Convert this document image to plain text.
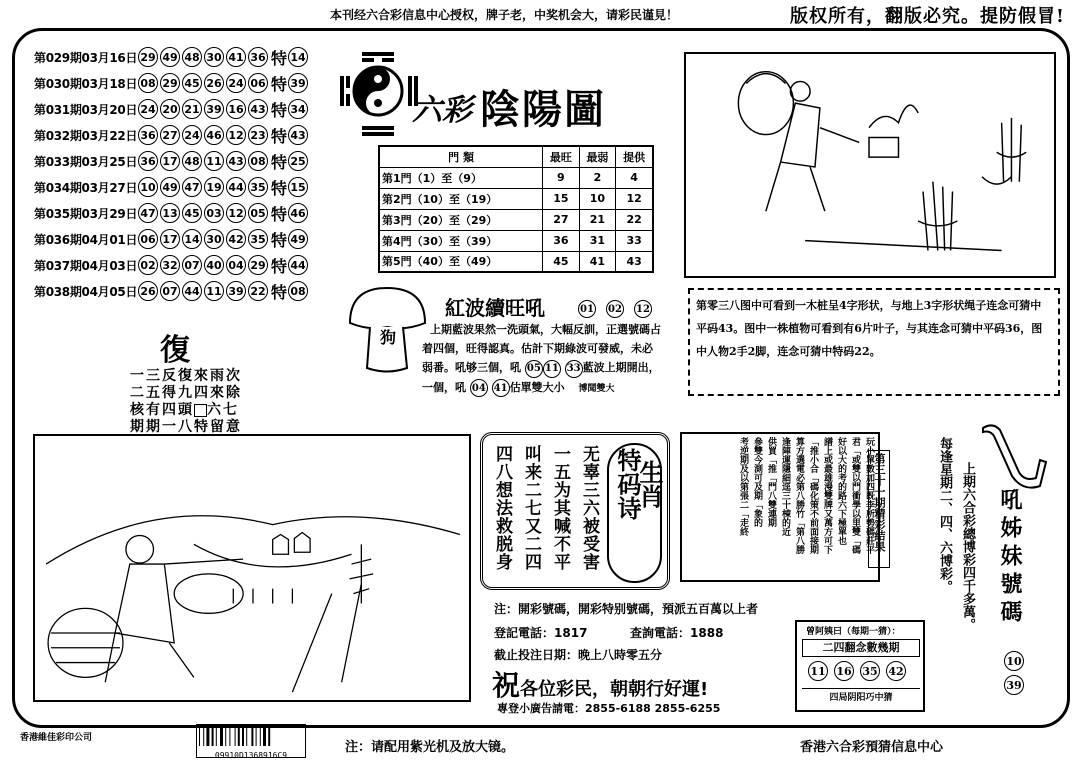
本刊经六合彩信息中心授权，牌子老，中奖机会大，请彩民谨見！	版权所有，翻版必究。提防假冒!
第029期03月16日 29 49 48 30 41 36 特 14
第030期03月18日 08 29 45 26 24 06 特 39
第031期03月20日 24 20 21 39 16 43 特 34
第032期03月22日 36 27 24 46 12 23 特 43
第033期03月25日 36 17 48 11 43 08 特 25
第034期03月27日 10 49 47 19 44 35 特 15
第035期03月29日 47 13 45 03 12 05 特 46
第036期04月01日 06 17 14 30 42 35 特 49
第037期04月03日 02 32 07 40 04 29 特 44
第038期04月05日 26 07 44 11 39 22 特 08
復
一三反復來雨次
二五得九四來除
核有四頭 六七
期期一八特留意
六彩 陰陽圖
門 類	最旺	最弱	提供
第1門（1）至（9）	9	2	4
第2門（10）至（19）	15	10	12
第3門（20）至（29）	27	21	22
第4門（30）至（39）	36	31	33
第5門（40）至（49）	45	41	43
狗
紅波續旺吼	01 02 12
上期藍波果然一洗頭氣，大幅反訓，正選號碼占
着四個，旺得認真。估計下期綠波可發威，未必
弱番。吼够三個，吼 05 11 33 藍波上期開出，
一個，吼 04 41 估單雙大小 博聞雙大
第零三八图中可看到一木桩呈4字形状，与地上3字形状绳子连念可猜中平码43。图中一株植物可看到有6片叶子，与其连念可猜中平码36，图中人物2手2脚，连念可猜中特码22。
无辜三六被受害
一五为其喊不平
叫来二七又二四
四八想法救脱身	生肖
特码诗	玩小單數加四既李所勢碼莊平
君「或雙以門衝學以里雙「碼
好以大的考的路六下極單也
譜上或最雄漫雙牌又萬方可下
「推小合「碼化策不前面接期
算方選電必第八勝竹「第八勝
逢陣運隱細逕三十棟的近
供買「推「門八雙連期
參雙今測可及期「象的
考逆期及以第張二「走終	第三十一期精彩結果	每逢星期二、四、六博彩。 上期六合彩總博彩四千多萬。 吼姊妹號碼
10
39
注：開彩號碼，開彩特别號碼，預派五百萬以上者
登記電話：1817	查詢電話：1888
截止投注日期：晚上八時零五分
祝各位彩民，朝朝行好運!
專登小廣告請電：2855-6188 2855-6255
曾阿姨曰（每期一猜）：
二四翻念數幾期
11 16 35 42
四局阴阳巧中猜
香港維佳彩印公司
09910D1368916C9
注：请配用紫光机及放大镜。	香港六合彩預猜信息中心
